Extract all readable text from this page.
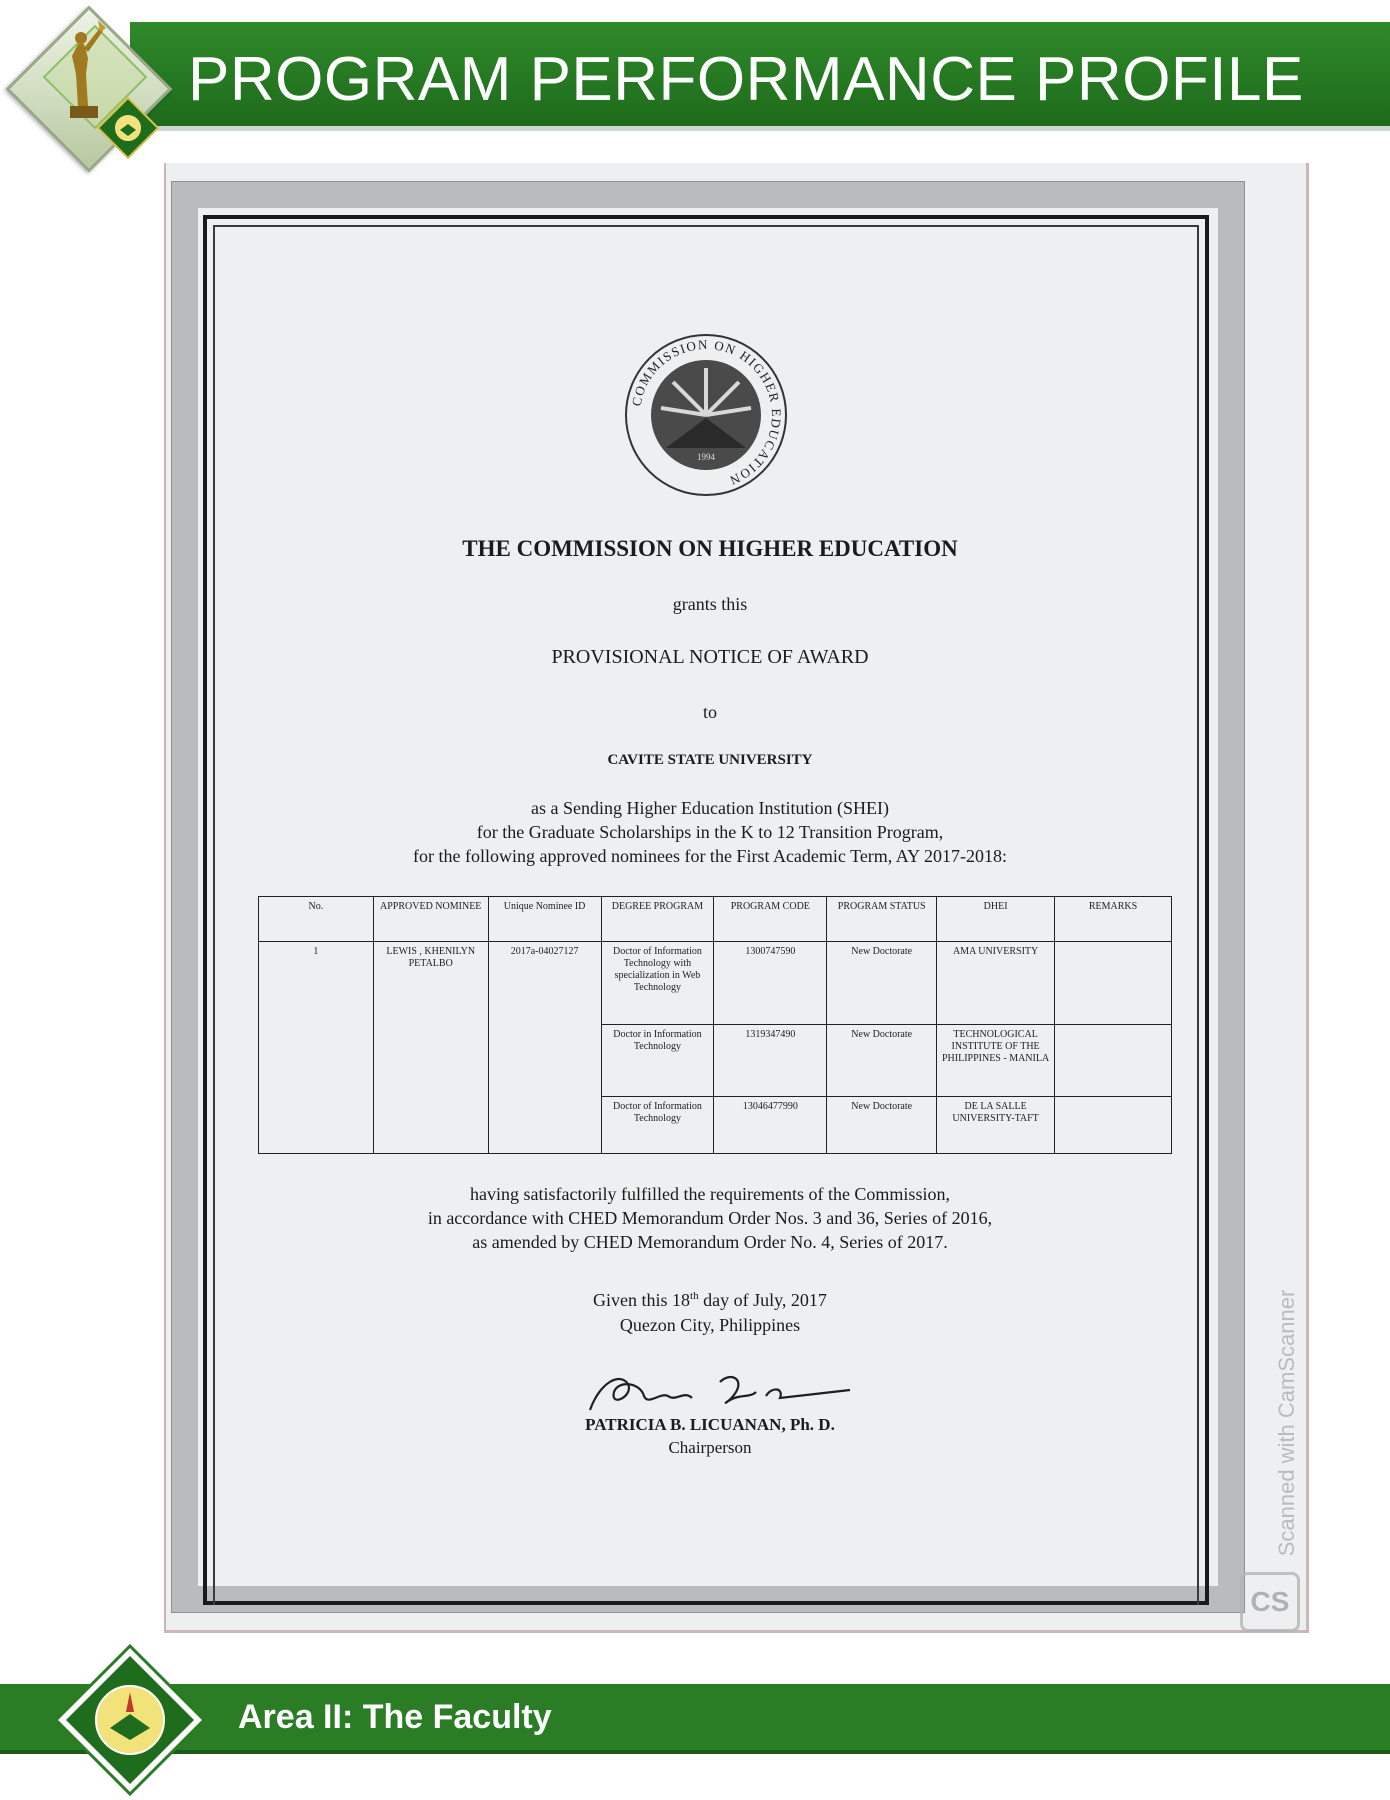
PROGRAM PERFORMANCE PROFILE
1994
COMMISSION ON HIGHER EDUCATION
THE COMMISSION ON HIGHER EDUCATION
grants this
PROVISIONAL NOTICE OF AWARD
to
CAVITE STATE UNIVERSITY
as a Sending Higher Education Institution (SHEI)
for the Graduate Scholarships in the K to 12 Transition Program,
for the following approved nominees for the First Academic Term, AY 2017-2018:
No.	APPROVED NOMINEE	Unique Nominee ID	DEGREE PROGRAM	PROGRAM CODE	PROGRAM STATUS	DHEI	REMARKS
1	LEWIS , KHENILYN PETALBO	2017a-04027127	Doctor of Information Technology with specialization in Web Technology	1300747590	New Doctorate	AMA UNIVERSITY	
			Doctor in Information Technology	1319347490	New Doctorate	TECHNOLOGICAL INSTITUTE OF THE PHILIPPINES - MANILA	
			Doctor of Information Technology	13046477990	New Doctorate	DE LA SALLE UNIVERSITY-TAFT	
having satisfactorily fulfilled the requirements of the Commission,
in accordance with CHED Memorandum Order Nos. 3 and 36, Series of 2016,
as amended by CHED Memorandum Order No. 4, Series of 2017.
Given this 18th day of July, 2017
Quezon City, Philippines
PATRICIA B. LICUANAN, Ph. D.
Chairperson	Scanned with CamScanner
CS
Area II: The Faculty
